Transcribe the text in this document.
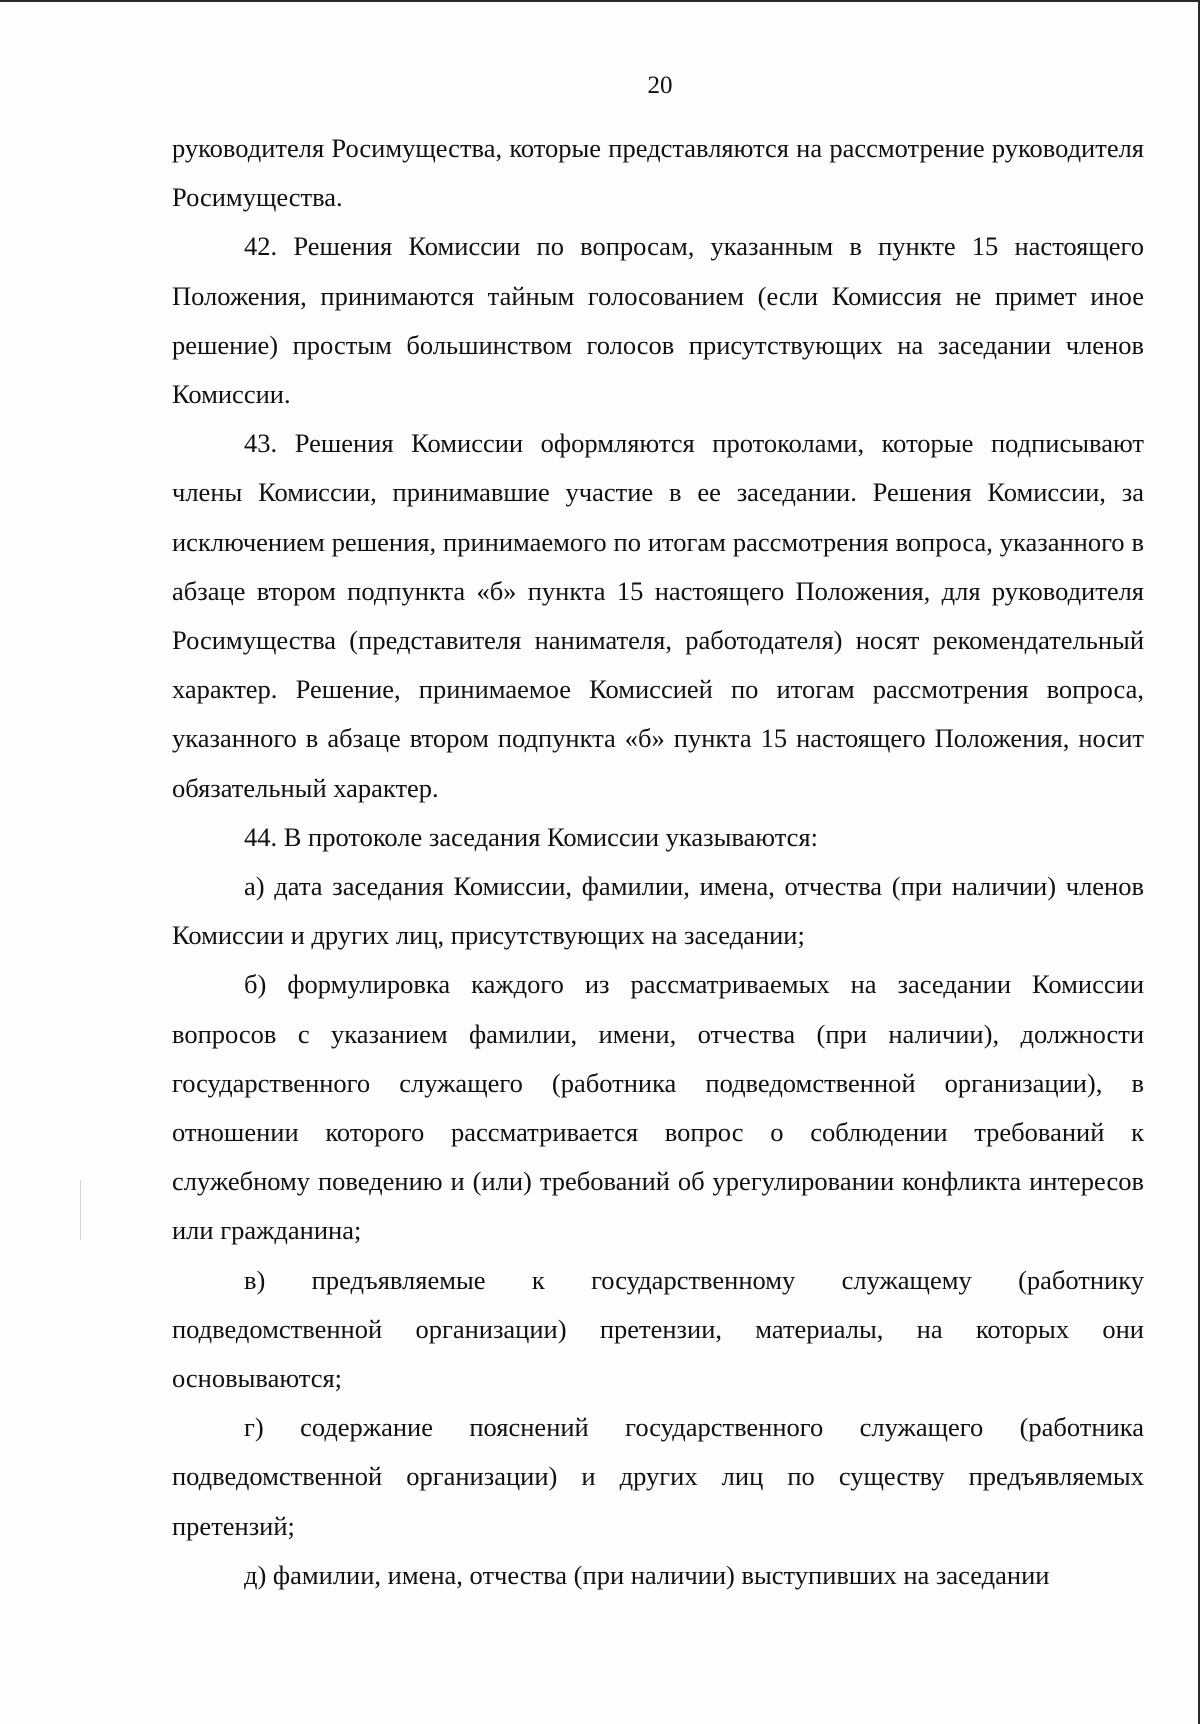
20

руководителя Росимущества, которые представляются на рассмотрение руководителя Росимущества.

42. Решения Комиссии по вопросам, указанным в пункте 15 настоящего Положения, принимаются тайным голосованием (если Комиссия не примет иное решение) простым большинством голосов присутствующих на заседании членов Комиссии.

43. Решения Комиссии оформляются протоколами, которые подписывают члены Комиссии, принимавшие участие в ее заседании. Решения Комиссии, за исключением решения, принимаемого по итогам рассмотрения вопроса, указанного в абзаце втором подпункта «б» пункта 15 настоящего Положения, для руководителя Росимущества (представителя нанимателя, работодателя) носят рекомендательный характер. Решение, принимаемое Комиссией по итогам рассмотрения вопроса, указанного в абзаце втором подпункта «б» пункта 15 настоящего Положения, носит обязательный характер.

44. В протоколе заседания Комиссии указываются:

а) дата заседания Комиссии, фамилии, имена, отчества (при наличии) членов Комиссии и других лиц, присутствующих на заседании;

б) формулировка каждого из рассматриваемых на заседании Комиссии вопросов с указанием фамилии, имени, отчества (при наличии), должности государственного служащего (работника подведомственной организации), в отношении которого рассматривается вопрос о соблюдении требований к служебному поведению и (или) требований об урегулировании конфликта интересов или гражданина;

в) предъявляемые к государственному служащему (работнику подведомственной организации) претензии, материалы, на которых они основываются;

г) содержание пояснений государственного служащего (работника подведомственной организации) и других лиц по существу предъявляемых претензий;

д) фамилии, имена, отчества (при наличии) выступивших на заседании
